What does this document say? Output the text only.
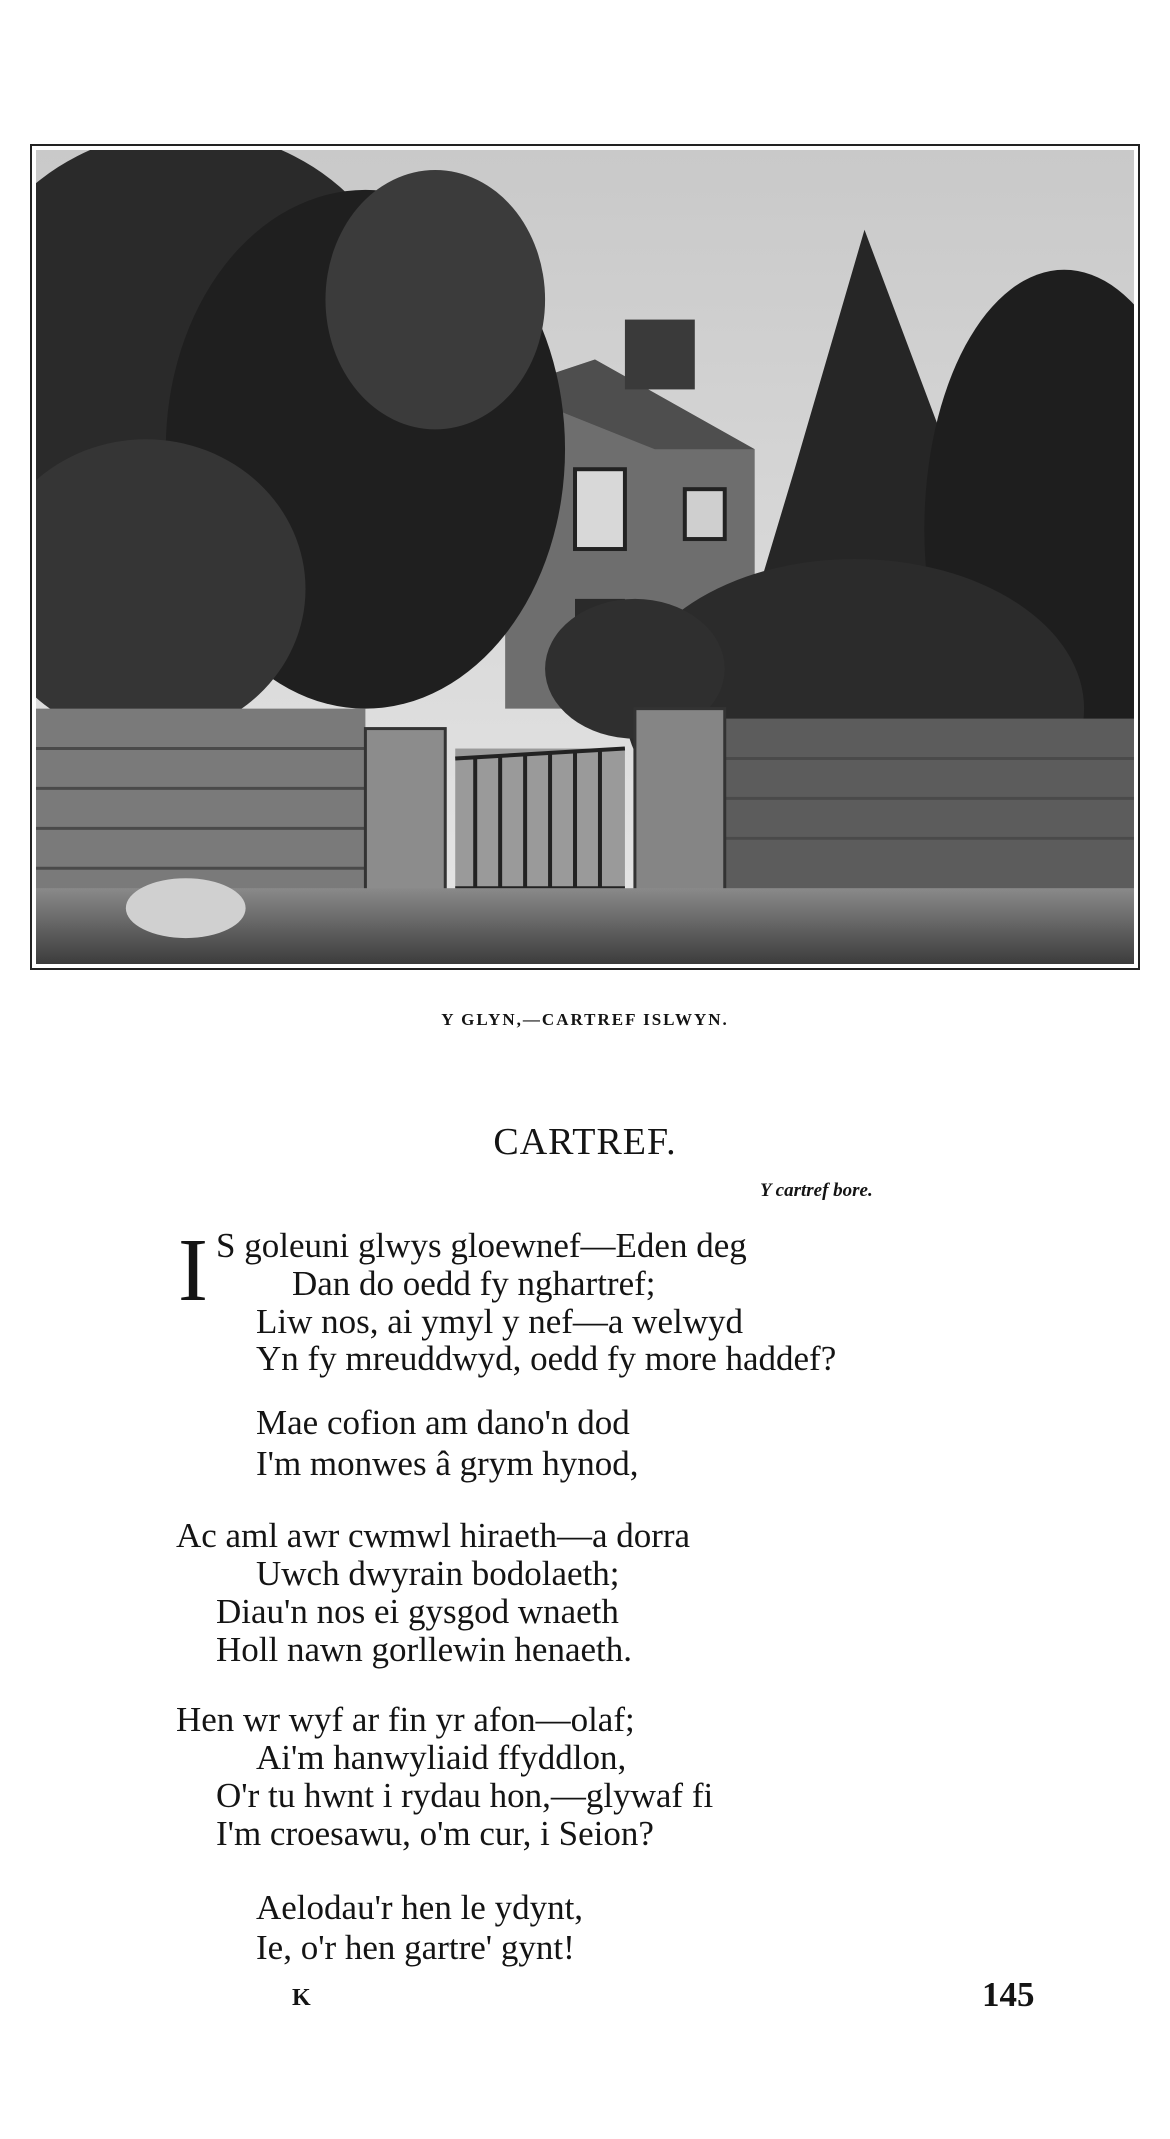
Y GLYN,—CARTREF ISLWYN.
CARTREF.
Y cartref bore.
I S goleuni glwys gloewnef—Eden deg
Dan do oedd fy nghartref;
Liw nos, ai ymyl y nef—a welwyd
Yn fy mreuddwyd, oedd fy more haddef?
Mae cofion am dano'n dod
I'm monwes â grym hynod,
Ac aml awr cwmwl hiraeth—a dorra
Uwch dwyrain bodolaeth;
Diau'n nos ei gysgod wnaeth
Holl nawn gorllewin henaeth.
Hen wr wyf ar fin yr afon—olaf;
Ai'm hanwyliaid ffyddlon,
O'r tu hwnt i rydau hon,—glywaf fi
I'm croesawu, o'm cur, i Seion?
Aelodau'r hen le ydynt,
Ie, o'r hen gartre' gynt!
K	145
